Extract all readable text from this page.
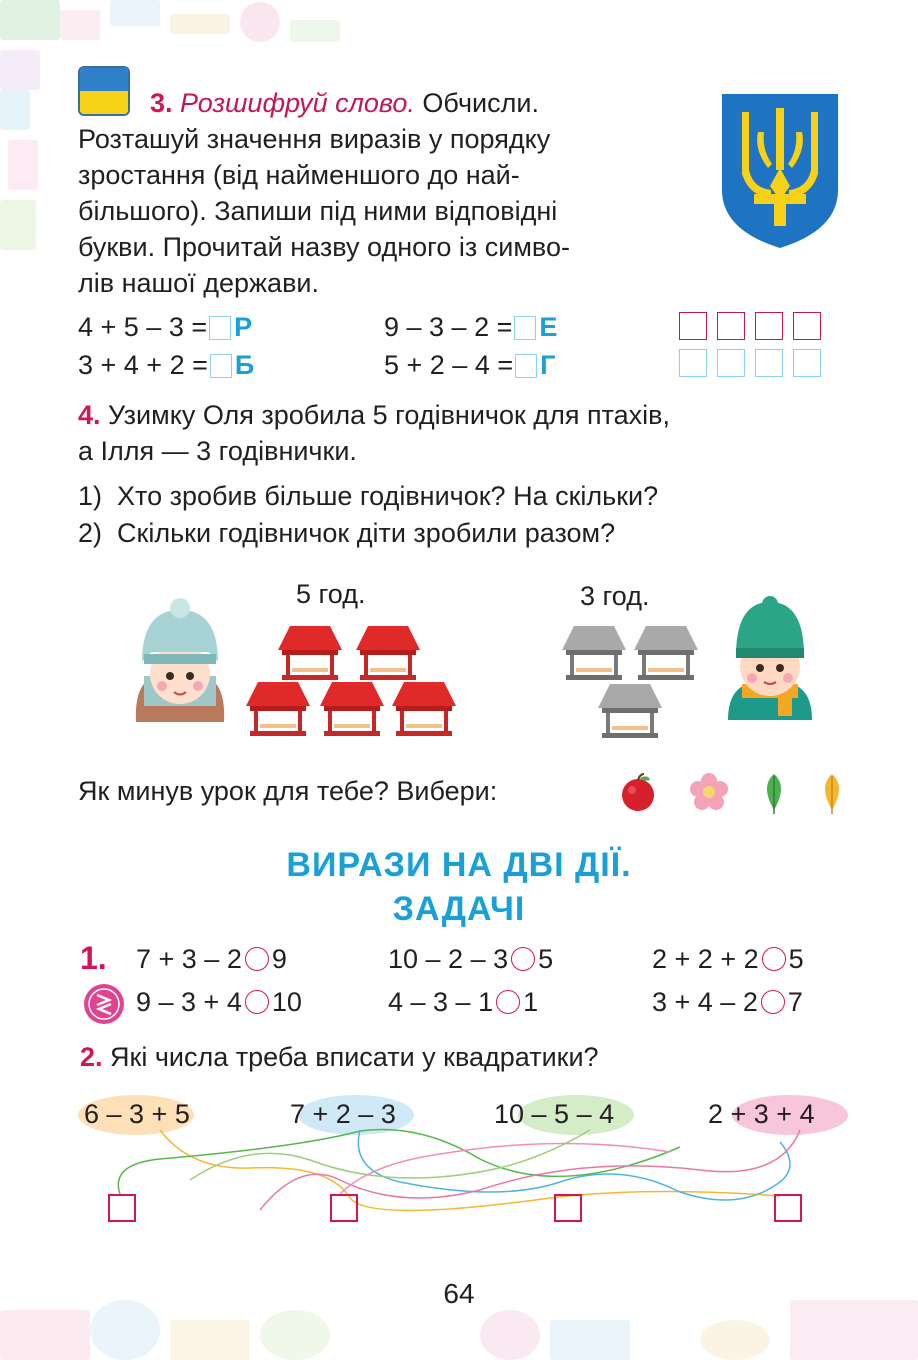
3. Розшифруй слово. Обчисли.
Розташуй значення виразів у порядку
зростання (від найменшого до най-
більшого). Запиши під ними відповідні
букви. Прочитай назву одного із симво-
лів нашої держави.
4 + 5 – 3 = Р	9 – 3 – 2 = Е
3 + 4 + 2 = Б	5 + 2 – 4 = Г
4. Узимку Оля зробила 5 годівничок для птахів,
а Ілля — 3 годівнички.
1) Хто зробив більше годівничок? На скільки?
2) Скільки годівничок діти зробили разом?
5 год.	3 год.
Як минув урок для тебе? Вибери:
ВИРАЗИ НА ДВІ ДІЇ.
ЗАДАЧІ
1. 7 + 3 – 2 9	10 – 2 – 3 5	2 + 2 + 2 5
9 – 3 + 4 10	4 – 3 – 1 1	3 + 4 – 2 7
2. Які числа треба вписати у квадратики?
6 – 3 + 5	7 + 2 – 3	10 – 5 – 4	2 + 3 + 4
64
